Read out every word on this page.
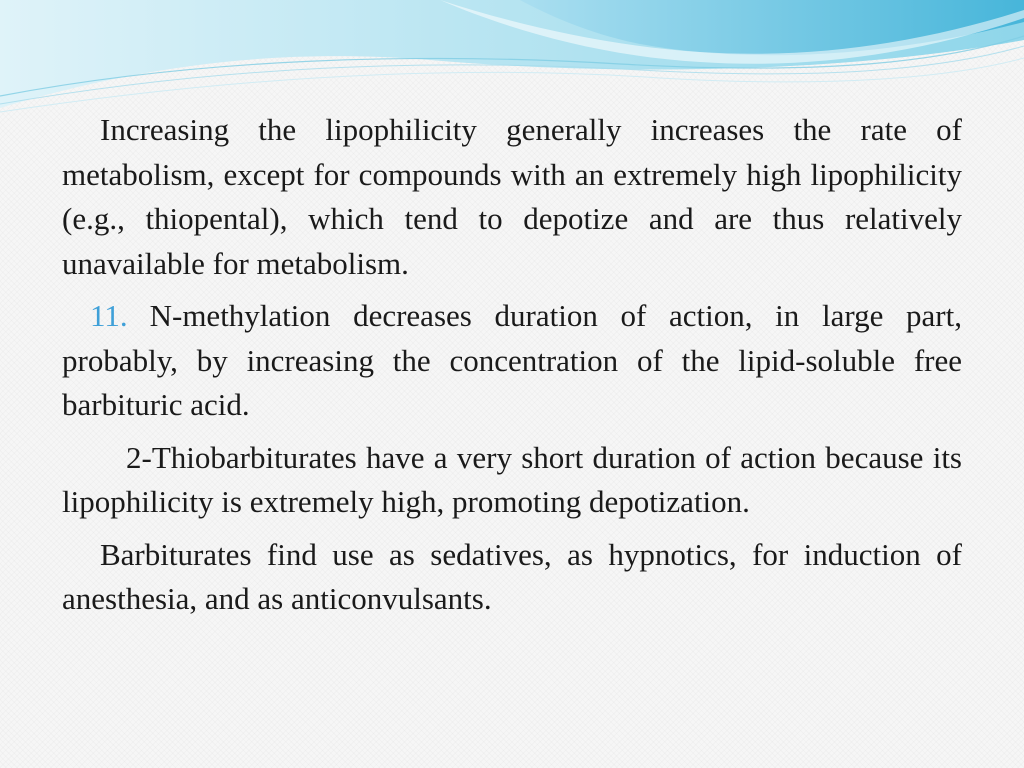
Increasing the lipophilicity generally increases the rate of metabolism, except for compounds with an extremely high lipophilicity (e.g., thiopental), which tend to depotize and are thus relatively unavailable for metabolism.

11. N-methylation decreases duration of action, in large part, probably, by increasing the concentration of the lipid-soluble free barbituric acid.

2-Thiobarbiturates have a very short duration of action because its lipophilicity is extremely high, promoting depotization.

Barbiturates find use as sedatives, as hypnotics, for induction of anesthesia, and as anticonvulsants.
